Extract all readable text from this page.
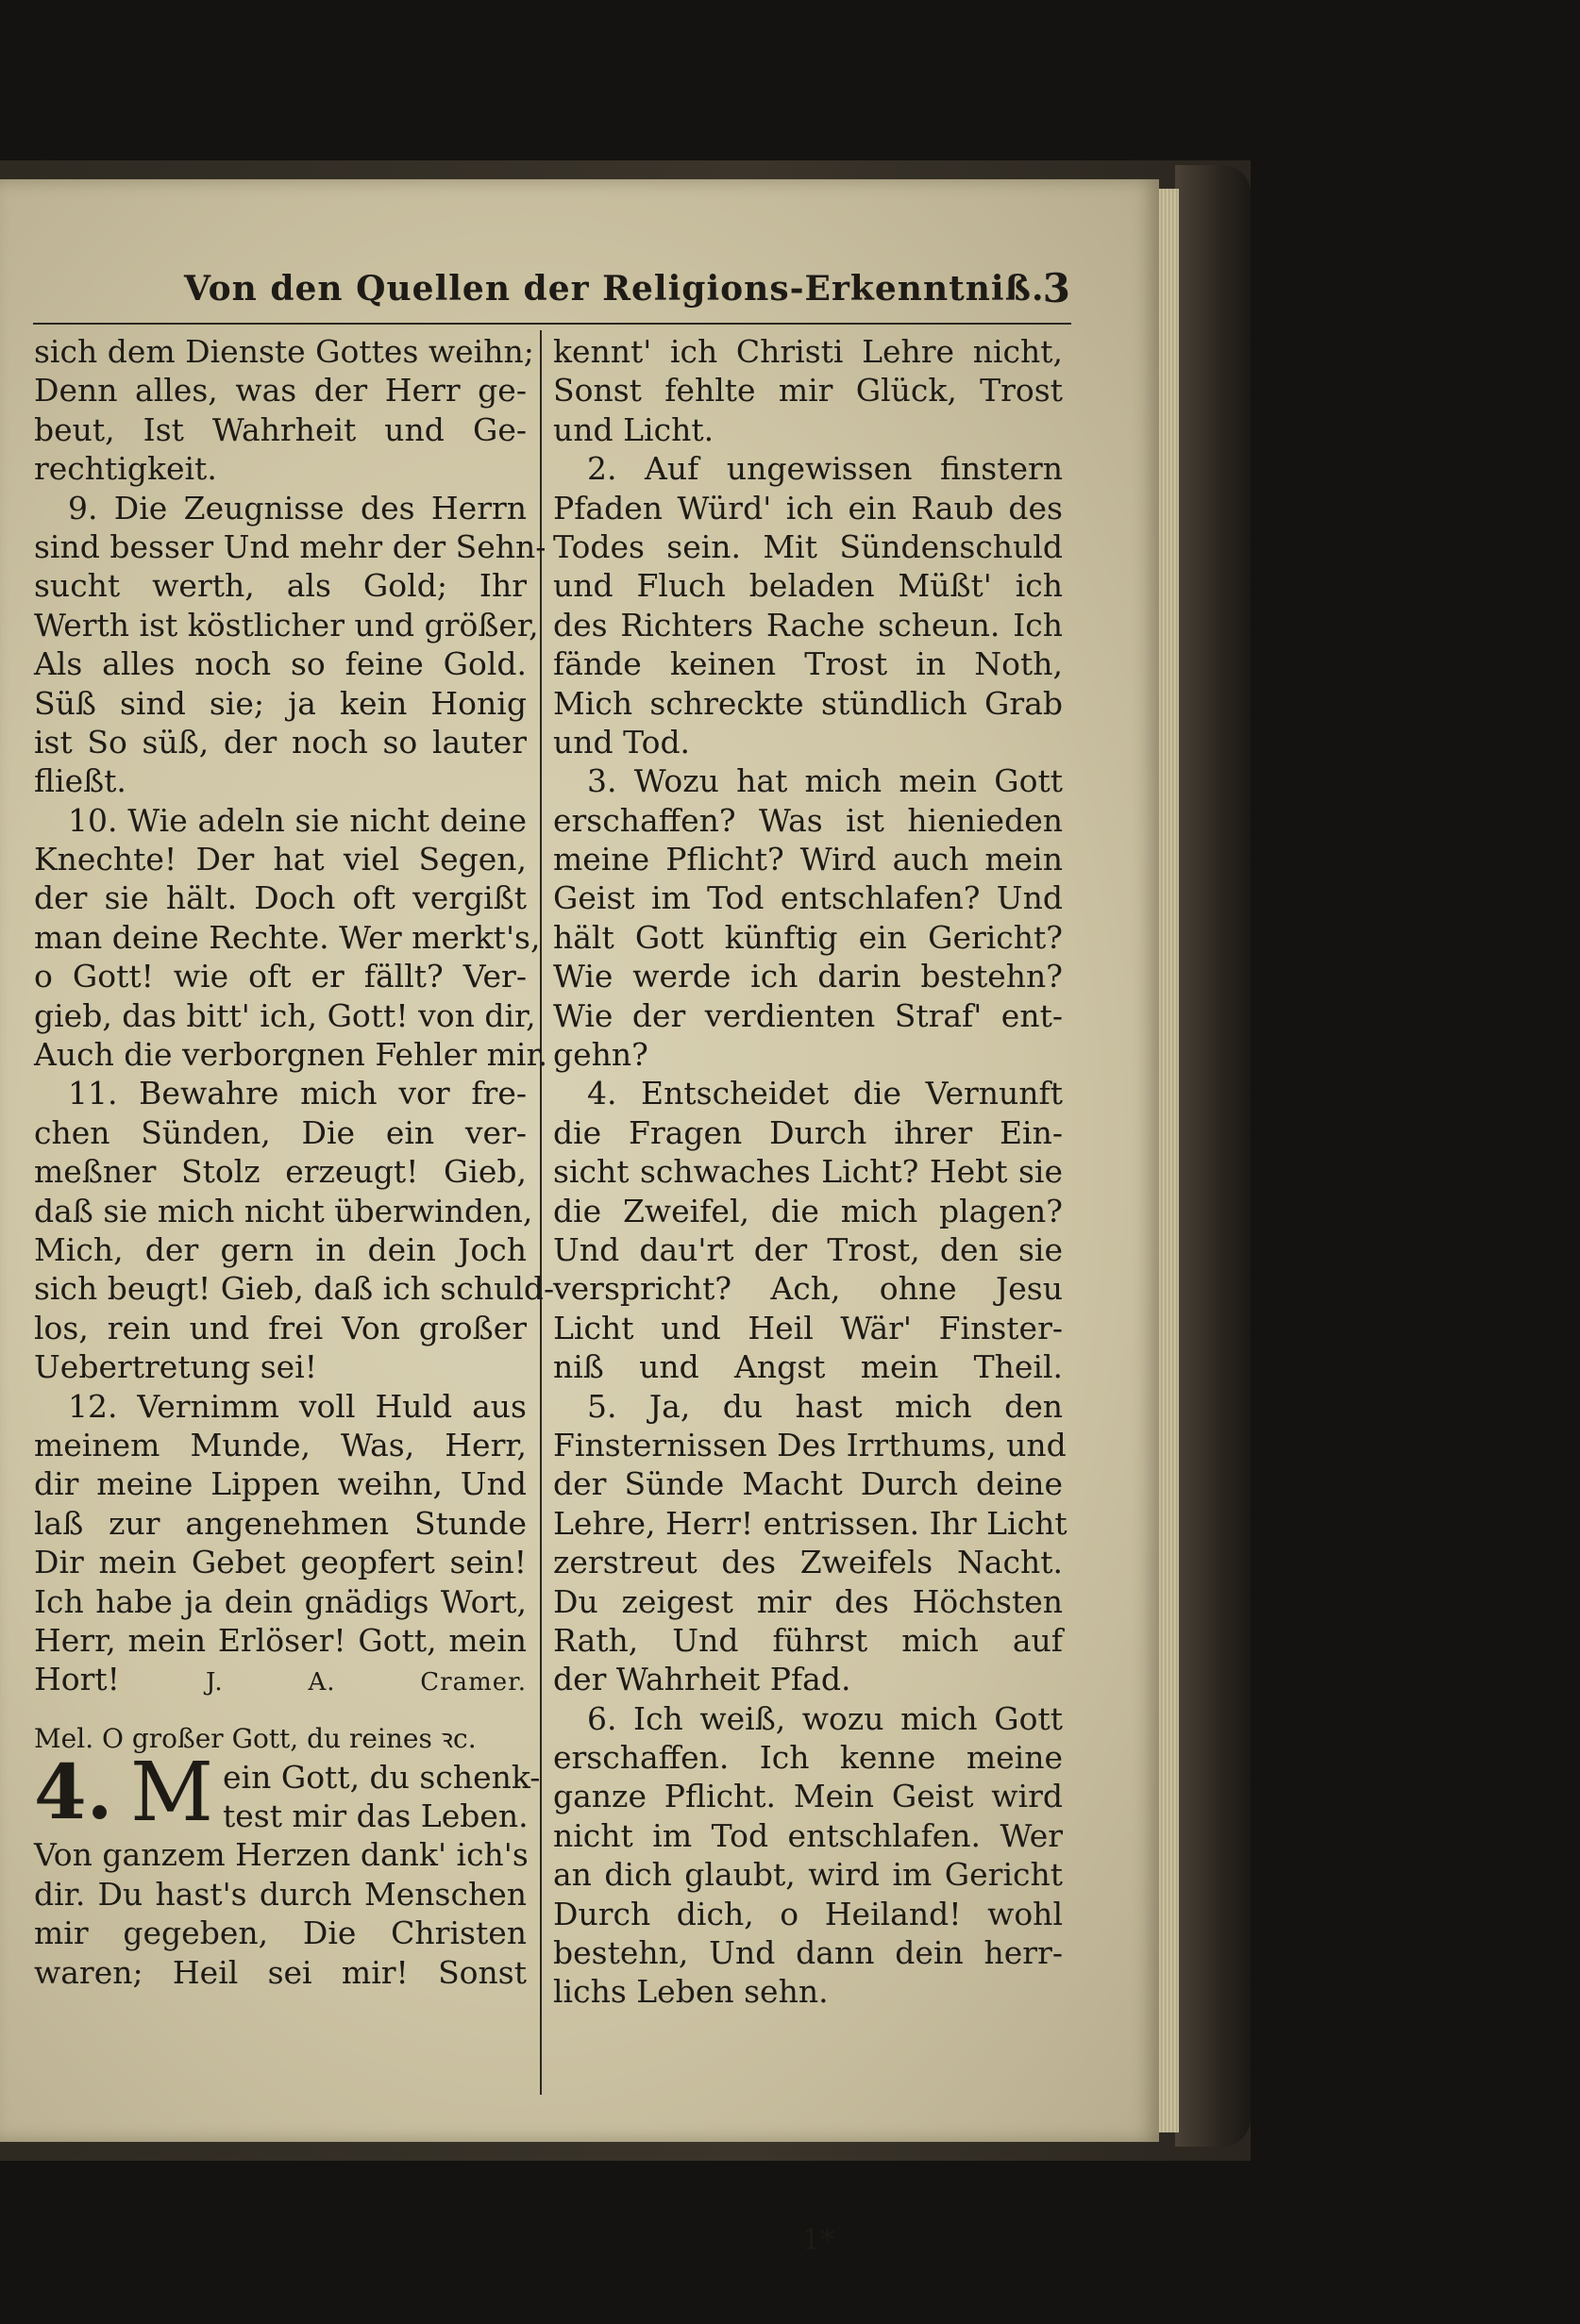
Von den Quellen der Religions-Erkenntniß.
3
sich dem Dienste Gottes weihn;
Denn alles, was der Herr ge-
beut, Ist Wahrheit und Ge-
rechtigkeit.
9. Die Zeugnisse des Herrn
sind besser Und mehr der Sehn-
sucht werth, als Gold; Ihr
Werth ist köstlicher und größer,
Als alles noch so feine Gold.
Süß sind sie; ja kein Honig
ist So süß, der noch so lauter
fließt.
10. Wie adeln sie nicht deine
Knechte! Der hat viel Segen,
der sie hält. Doch oft vergißt
man deine Rechte. Wer merkt's,
o Gott! wie oft er fällt? Ver-
gieb, das bitt' ich, Gott! von dir,
Auch die verborgnen Fehler mir.
11. Bewahre mich vor fre-
chen Sünden, Die ein ver-
meßner Stolz erzeugt! Gieb,
daß sie mich nicht überwinden,
Mich, der gern in dein Joch
sich beugt! Gieb, daß ich schuld-
los, rein und frei Von großer
Uebertretung sei!
12. Vernimm voll Huld aus
meinem Munde, Was, Herr,
dir meine Lippen weihn, Und
laß zur angenehmen Stunde
Dir mein Gebet geopfert sein!
Ich habe ja dein gnädigs Wort,
Herr, mein Erlöser! Gott, mein
Hort!	J. A. Cramer.
Mel. O großer Gott, du reines ꝛc.
4. M ein Gott, du schenk-
test mir das Leben.
Von ganzem Herzen dank' ich's
dir. Du hast's durch Menschen
mir gegeben, Die Christen
waren; Heil sei mir! Sonst
kennt' ich Christi Lehre nicht,
Sonst fehlte mir Glück, Trost
und Licht.
2. Auf ungewissen finstern
Pfaden Würd' ich ein Raub des
Todes sein. Mit Sündenschuld
und Fluch beladen Müßt' ich
des Richters Rache scheun. Ich
fände keinen Trost in Noth,
Mich schreckte stündlich Grab
und Tod.
3. Wozu hat mich mein Gott
erschaffen? Was ist hienieden
meine Pflicht? Wird auch mein
Geist im Tod entschlafen? Und
hält Gott künftig ein Gericht?
Wie werde ich darin bestehn?
Wie der verdienten Straf' ent-
gehn?
4. Entscheidet die Vernunft
die Fragen Durch ihrer Ein-
sicht schwaches Licht? Hebt sie
die Zweifel, die mich plagen?
Und dau'rt der Trost, den sie
verspricht? Ach, ohne Jesu
Licht und Heil Wär' Finster-
niß und Angst mein Theil.
5. Ja, du hast mich den
Finsternissen Des Irrthums, und
der Sünde Macht Durch deine
Lehre, Herr! entrissen. Ihr Licht
zerstreut des Zweifels Nacht.
Du zeigest mir des Höchsten
Rath, Und führst mich auf
der Wahrheit Pfad.
6. Ich weiß, wozu mich Gott
erschaffen. Ich kenne meine
ganze Pflicht. Mein Geist wird
nicht im Tod entschlafen. Wer
an dich glaubt, wird im Gericht
Durch dich, o Heiland! wohl
bestehn, Und dann dein herr-
lichs Leben sehn.
1*
